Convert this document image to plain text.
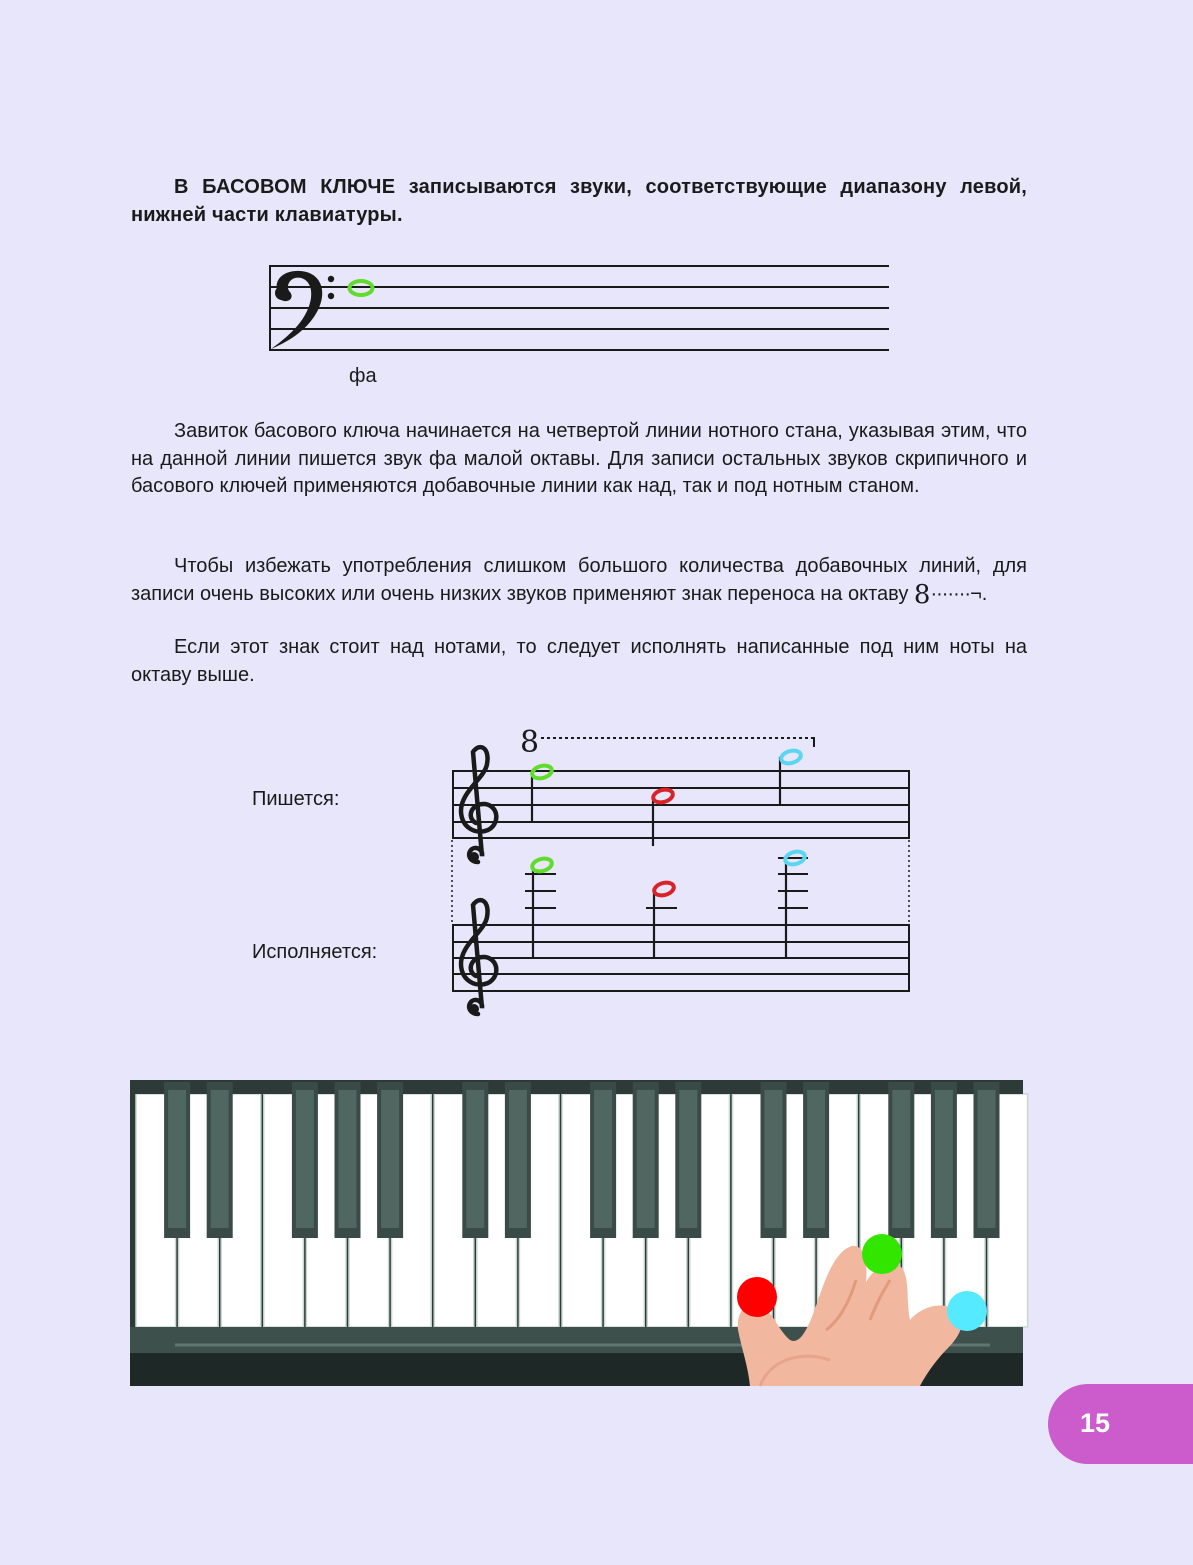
В БАСОВОМ КЛЮЧЕ записываются звуки, соответствующие диапазону левой, нижней части клавиатуры.

фа

Завиток басового ключа начинается на четвертой линии нотного стана, указывая этим, что на данной линии пишется звук фа малой октавы. Для записи остальных звуков скрипичного и басового ключей применяются добавочные линии как над, так и под нотным станом.

Чтобы избежать употребления слишком большого количества добавочных линий, для записи очень высоких или очень низких звуков применяют знак переноса на октаву 8·······¬.

Если этот знак стоит над нотами, то следует исполнять написанные под ним ноты на октаву выше.

Пишется:
Исполняется:
8
15
